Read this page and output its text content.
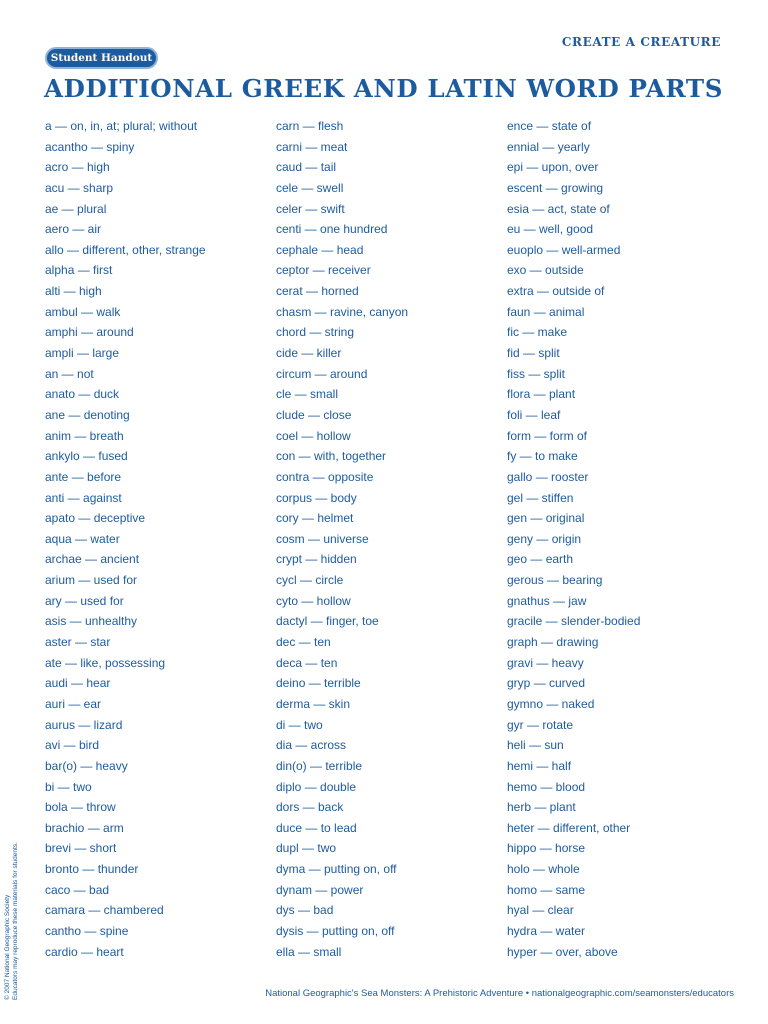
CREATE A CREATURE
Student Handout
ADDITIONAL GREEK AND LATIN WORD PARTS
a — on, in, at; plural; without
acantho — spiny
acro — high
acu — sharp
ae — plural
aero — air
allo — different, other, strange
alpha — first
alti — high
ambul — walk
amphi — around
ampli — large
an — not
anato — duck
ane — denoting
anim — breath
ankylo — fused
ante — before
anti — against
apato — deceptive
aqua — water
archae — ancient
arium — used for
ary — used for
asis — unhealthy
aster — star
ate — like, possessing
audi — hear
auri — ear
aurus — lizard
avi — bird
bar(o) — heavy
bi — two
bola — throw
brachio — arm
brevi — short
bronto — thunder
caco — bad
camara — chambered
cantho — spine
cardio — heart
carn — flesh
carni — meat
caud — tail
cele — swell
celer — swift
centi — one hundred
cephale — head
ceptor — receiver
cerat — horned
chasm — ravine, canyon
chord — string
cide — killer
circum — around
cle — small
clude — close
coel — hollow
con — with, together
contra — opposite
corpus — body
cory — helmet
cosm — universe
crypt — hidden
cycl — circle
cyto — hollow
dactyl — finger, toe
dec — ten
deca — ten
deino — terrible
derma — skin
di — two
dia — across
din(o) — terrible
diplo — double
dors — back
duce — to lead
dupl — two
dyma — putting on, off
dynam — power
dys — bad
dysis — putting on, off
ella — small
ence — state of
ennial — yearly
epi — upon, over
escent — growing
esia — act, state of
eu — well, good
euoplo — well-armed
exo — outside
extra — outside of
faun — animal
fic — make
fid — split
fiss — split
flora — plant
foli — leaf
form — form of
fy — to make
gallo — rooster
gel — stiffen
gen — original
geny — origin
geo — earth
gerous — bearing
gnathus — jaw
gracile — slender-bodied
graph — drawing
gravi — heavy
gryp — curved
gymno — naked
gyr — rotate
heli — sun
hemi — half
hemo — blood
herb — plant
heter — different, other
hippo — horse
holo — whole
homo — same
hyal — clear
hydra — water
hyper — over, above
© 2007 National Geographic Society Educators may reproduce these materials for students.	National Geographic's Sea Monsters: A Prehistoric Adventure • nationalgeographic.com/seamonsters/educators
